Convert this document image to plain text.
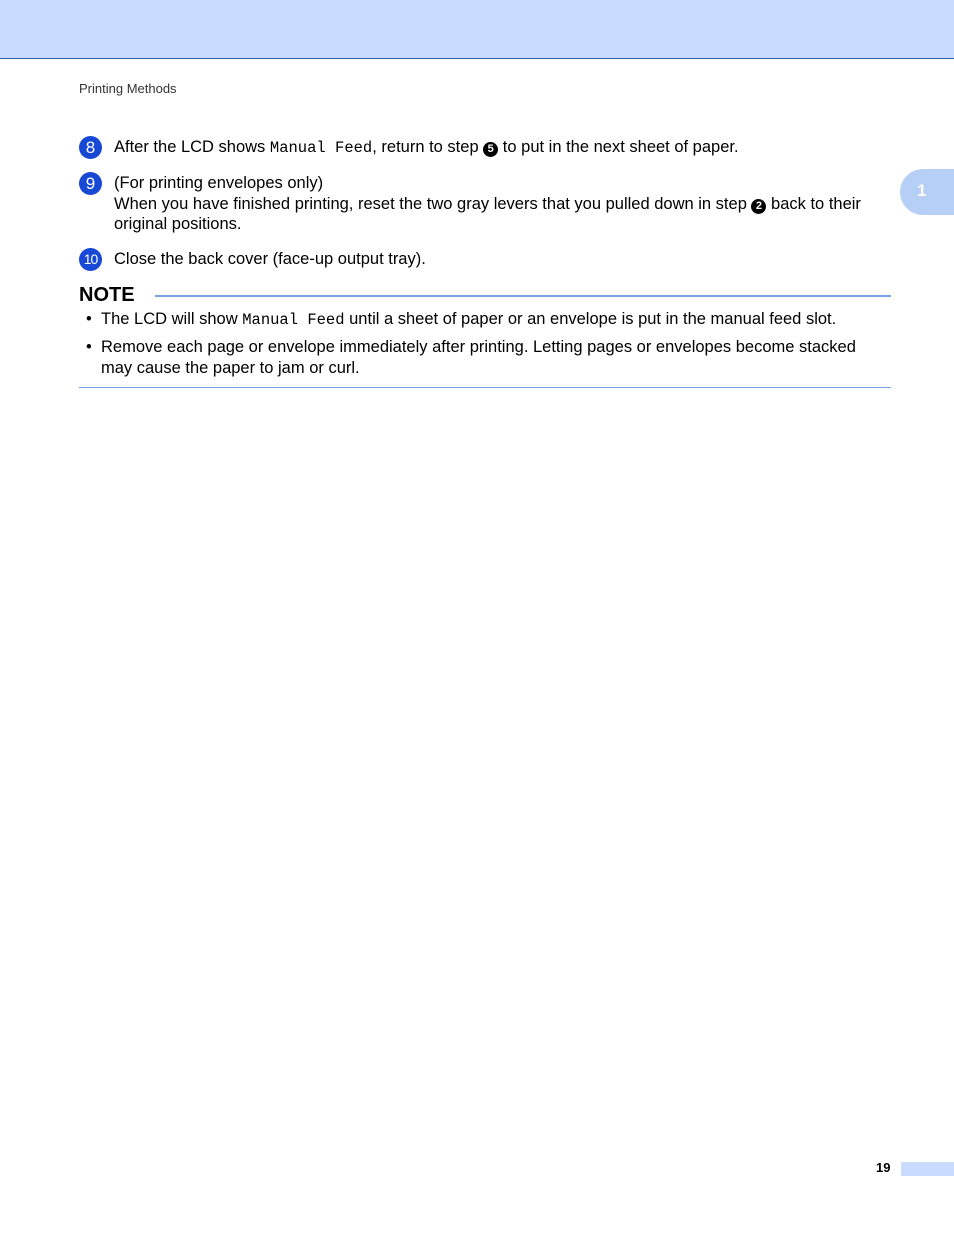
Printing Methods
1
8	After the LCD shows Manual Feed, return to step 5 to put in the next sheet of paper.
9	(For printing envelopes only)
When you have finished printing, reset the two gray levers that you pulled down in step 2 back to their
original positions.
10 Close the back cover (face-up output tray).
NOTE
• The LCD will show Manual Feed until a sheet of paper or an envelope is put in the manual feed slot.
• Remove each page or envelope immediately after printing. Letting pages or envelopes become stacked
may cause the paper to jam or curl.
19
